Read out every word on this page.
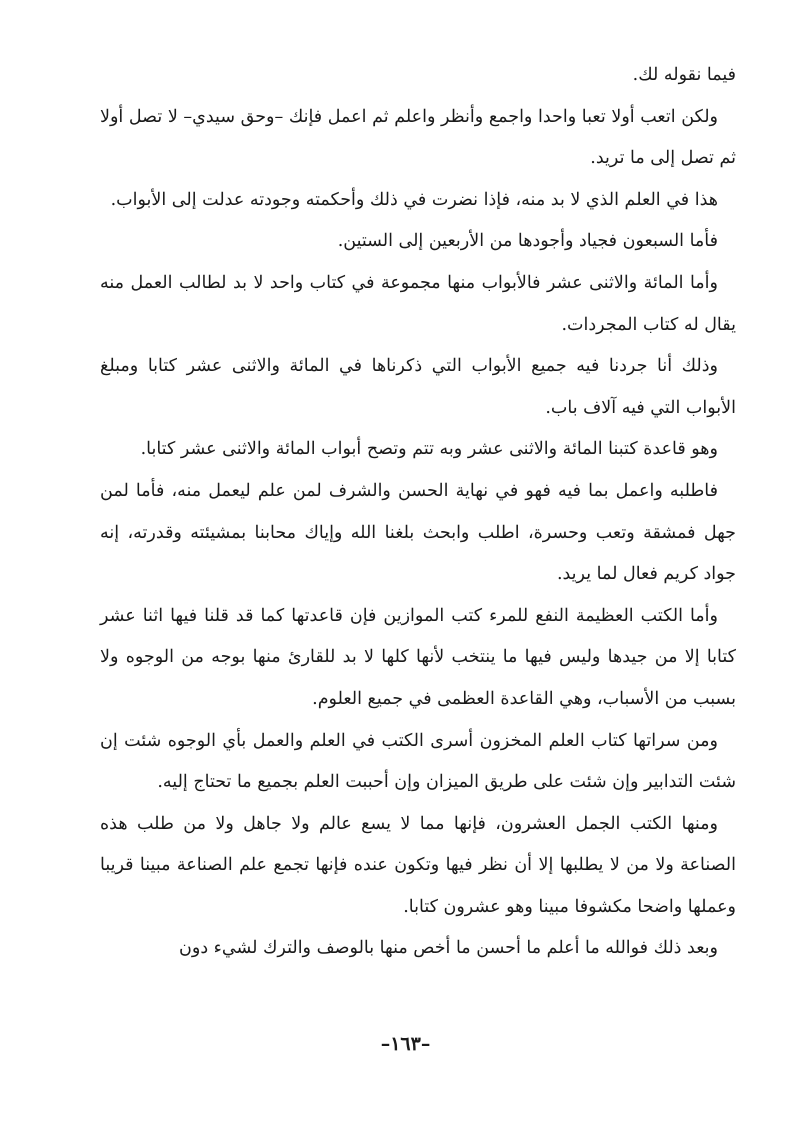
فيما نقوله لك.

ولكن اتعب أولا تعبا واحدا واجمع وأنظر واعلم ثم اعمل فإنك –وحق سيدي– لا تصل أولا ثم تصل إلى ما تريد.

هذا في العلم الذي لا بد منه، فإذا نضرت في ذلك وأحكمته وجودته عدلت إلى الأبواب.

فأما السبعون فجياد وأجودها من الأربعين إلى الستين.

وأما المائة والاثنى عشر فالأبواب منها مجموعة في كتاب واحد لا بد لطالب العمل منه يقال له كتاب المجردات.

وذلك أنا جردنا فيه جميع الأبواب التي ذكرناها في المائة والاثنى عشر كتابا ومبلغ الأبواب التي فيه آلاف باب.

وهو قاعدة كتبنا المائة والاثنى عشر وبه تتم وتصح أبواب المائة والاثنى عشر كتابا.

فاطلبه واعمل بما فيه فهو في نهاية الحسن والشرف لمن علم ليعمل منه، فأما لمن جهل فمشقة وتعب وحسرة، اطلب وابحث بلغنا الله وإياك محابنا بمشيئته وقدرته، إنه جواد كريم فعال لما يريد.

وأما الكتب العظيمة النفع للمرء كتب الموازين فإن قاعدتها كما قد قلنا فيها اثنا عشر كتابا إلا من جيدها وليس فيها ما ينتخب لأنها كلها لا بد للقارئ منها بوجه من الوجوه ولا بسبب من الأسباب، وهي القاعدة العظمى في جميع العلوم.

ومن سراتها كتاب العلم المخزون أسرى الكتب في العلم والعمل بأي الوجوه شئت إن شئت التدابير وإن شئت على طريق الميزان وإن أحببت العلم بجميع ما تحتاج إليه.

ومنها الكتب الجمل العشرون، فإنها مما لا يسع عالم ولا جاهل ولا من طلب هذه الصناعة ولا من لا يطلبها إلا أن نظر فيها وتكون عنده فإنها تجمع علم الصناعة مبينا قريبا وعملها واضحا مكشوفا مبينا وهو عشرون كتابا.

وبعد ذلك فوالله ما أعلم ما أحسن ما أخص منها بالوصف والترك لشيء دون

–١٦٣–
